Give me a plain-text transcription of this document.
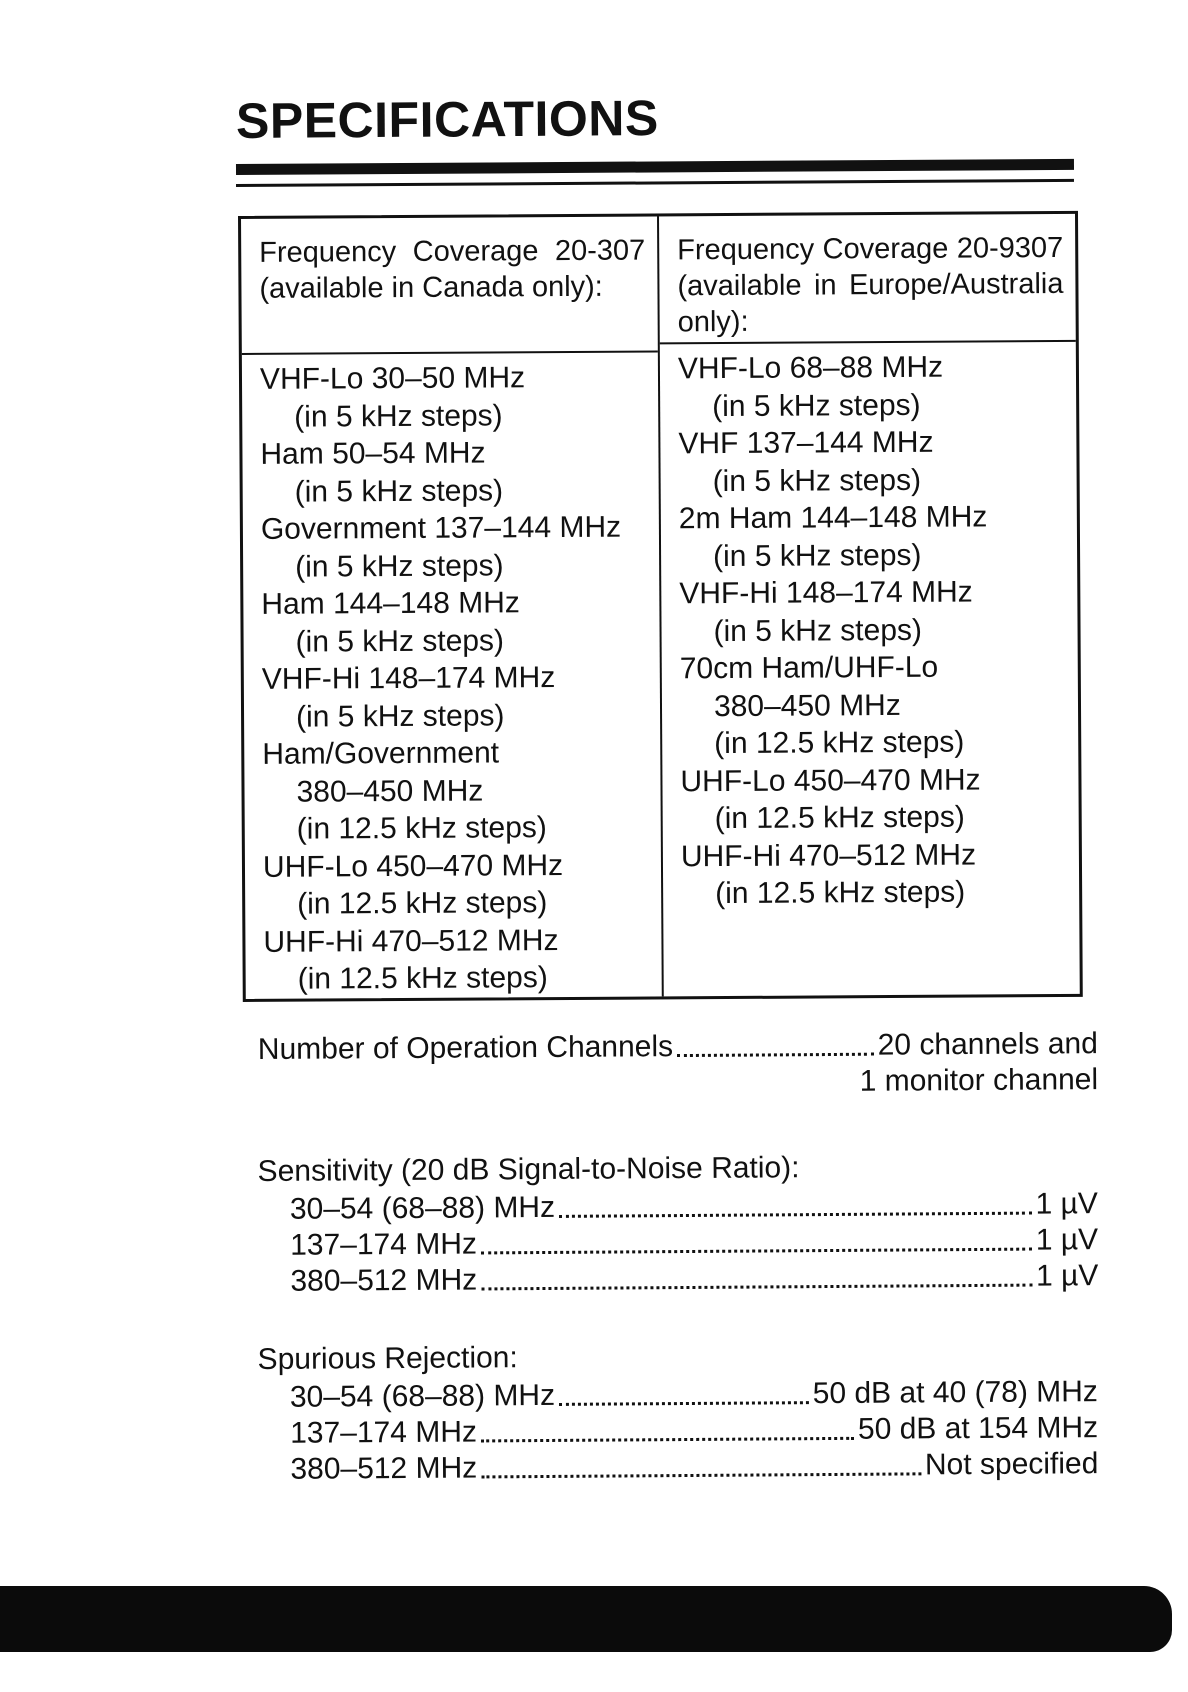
SPECIFICATIONS
Frequency Coverage 20-307 (available in Canada only):
VHF-Lo 30–50 MHz
(in 5 kHz steps)
Ham 50–54 MHz
(in 5 kHz steps)
Government 137–144 MHz
(in 5 kHz steps)
Ham 144–148 MHz
(in 5 kHz steps)
VHF-Hi 148–174 MHz
(in 5 kHz steps)
Ham/Government
380–450 MHz
(in 12.5 kHz steps)
UHF-Lo 450–470 MHz
(in 12.5 kHz steps)
UHF-Hi 470–512 MHz
(in 12.5 kHz steps)
Frequency Coverage 20-9307 (available in Europe/Australia only):
VHF-Lo 68–88 MHz
(in 5 kHz steps)
VHF 137–144 MHz
(in 5 kHz steps)
2m Ham 144–148 MHz
(in 5 kHz steps)
VHF-Hi 148–174 MHz
(in 5 kHz steps)
70cm Ham/UHF-Lo
380–450 MHz
(in 12.5 kHz steps)
UHF-Lo 450–470 MHz
(in 12.5 kHz steps)
UHF-Hi 470–512 MHz
(in 12.5 kHz steps)
Number of Operation Channels	20 channels and
1 monitor channel
Sensitivity (20 dB Signal-to-Noise Ratio):
30–54 (68–88) MHz	1 µV
137–174 MHz	1 µV
380–512 MHz	1 µV
Spurious Rejection:
30–54 (68–88) MHz	50 dB at 40 (78) MHz
137–174 MHz	50 dB at 154 MHz
380–512 MHz	Not specified
